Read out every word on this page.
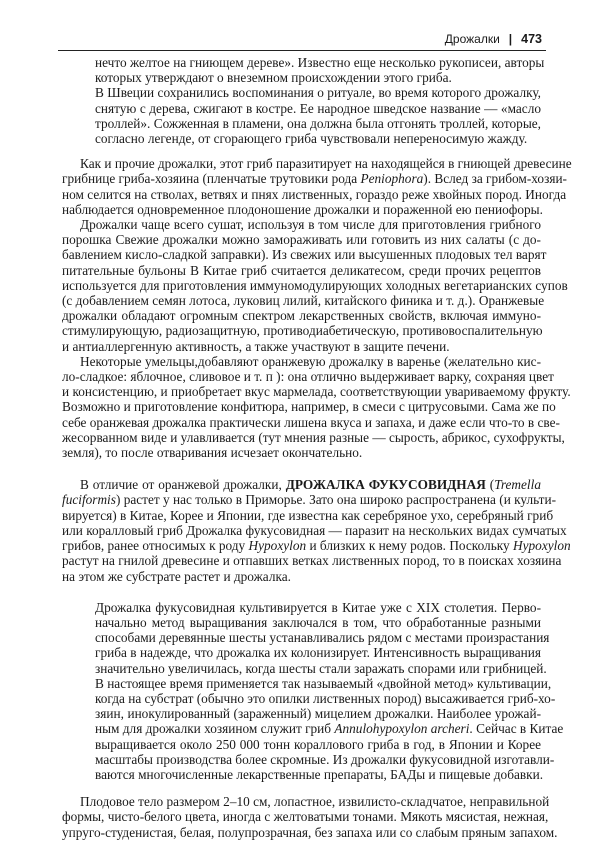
Дрожалки | 473
нечто желтое на гниющем дереве». Известно еще несколько рукописеи, авторы
которых утверждают о внеземном происхождении этого гриба.
В Швеции сохранились воспоминания о ритуале, во время которого дрожалку,
снятую с дерева, сжигают в костре. Ее народное шведское название — «масло
троллей». Сожженная в пламени, она должна была отгонять троллей, которые,
согласно легенде, от сгорающего гриба чувствовали непереносимую жажду.
Как и прочие дрожалки, этот гриб паразитирует на находящейся в гниющей древесине
грибнице гриба-хозяина (пленчатые трутовики рода Peniophora). Вслед за грибом-хозяи-
ном селится на стволах, ветвях и пнях лиственных, гораздо реже хвойных пород. Иногда
наблюдается одновременное плодоношение дрожалки и пораженной ею пениофоры.
Дрожалки чаще всего сушат, используя в том числе для приготовления грибного
порошка Свежие дрожалки можно замораживать или готовить из них салаты (с до-
бавлением кисло-сладкой заправки). Из свежих или высушенных плодовых тел варят
питательные бульоны В Китае гриб считается деликатесом, среди прочих рецептов
используется для приготовления иммуномодулирующих холодных вегетарианских супов
(с добавлением семян лотоса, луковиц лилий, китайского финика и т. д.). Оранжевые
дрожалки обладают огромным спектром лекарственных свойств, включая иммуно-
стимулирующую, радиозащитную, противодиабетическую, противовоспалительную
и антиаллергенную активность, а также участвуют в защите печени.
Некоторые умельцы,добавляют оранжевую дрожалку в варенье (желательно кис-
ло-сладкое: яблочное, сливовое и т. п ): она отлично выдерживает варку, сохраняя цвет
и консистенцию, и приобретает вкус мармелада, соответствующии увариваемому фрукту.
Возможно и приготовление конфитюра, например, в смеси с цитрусовыми. Сама же по
себе оранжевая дрожалка практически лишена вкуса и запаха, и даже если что-то в све-
жесорванном виде и улавливается (тут мнения разные — сырость, абрикос, сухофрукты,
земля), то после отваривания исчезает окончательно.
В отличие от оранжевой дрожалки, ДРОЖАЛКА ФУКУСОВИДНАЯ (Tremella
fuciformis) растет у нас только в Приморье. Зато она широко распространена (и культи-
вируется) в Китае, Корее и Японии, где известна как серебряное ухо, серебряный гриб
или коралловый гриб Дрожалка фукусовидная — паразит на нескольких видах сумчатых
грибов, ранее относимых к роду Hypoxylon и близких к нему родов. Поскольку Hypoxylon
растут на гнилой древесине и отпавших ветках лиственных пород, то в поисках хозяина
на этом же субстрате растет и дрожалка.
Дрожалка фукусовидная культивируется в Китае уже с XIX столетия. Перво-
начально метод выращивания заключался в том, что обработанные разными
способами деревянные шесты устанавливались рядом с местами произрастания
гриба в надежде, что дрожалка их колонизирует. Интенсивность выращивания
значительно увеличилась, когда шесты стали заражать спорами или грибницей.
В настоящее время применяется так называемый «двойной метод» культивации,
когда на субстрат (обычно это опилки лиственных пород) высаживается гриб-хо-
зяин, инокулированный (зараженный) мицелием дрожалки. Наиболее урожай-
ным для дрожалки хозяином служит гриб Annulohypoxylon archeri. Сейчас в Китае
выращивается около 250 000 тонн кораллового гриба в год, в Японии и Корее
масштабы производства более скромные. Из дрожалки фукусовидной изготавли-
ваются многочисленные лекарственные препараты, БАДы и пищевые добавки.
Плодовое тело размером 2–10 см, лопастное, извилисто-складчатое, неправильной
формы, чисто-белого цвета, иногда с желтоватыми тонами. Мякоть мясистая, нежная,
упруго-студенистая, белая, полупрозрачная, без запаха или со слабым пряным запахом.
